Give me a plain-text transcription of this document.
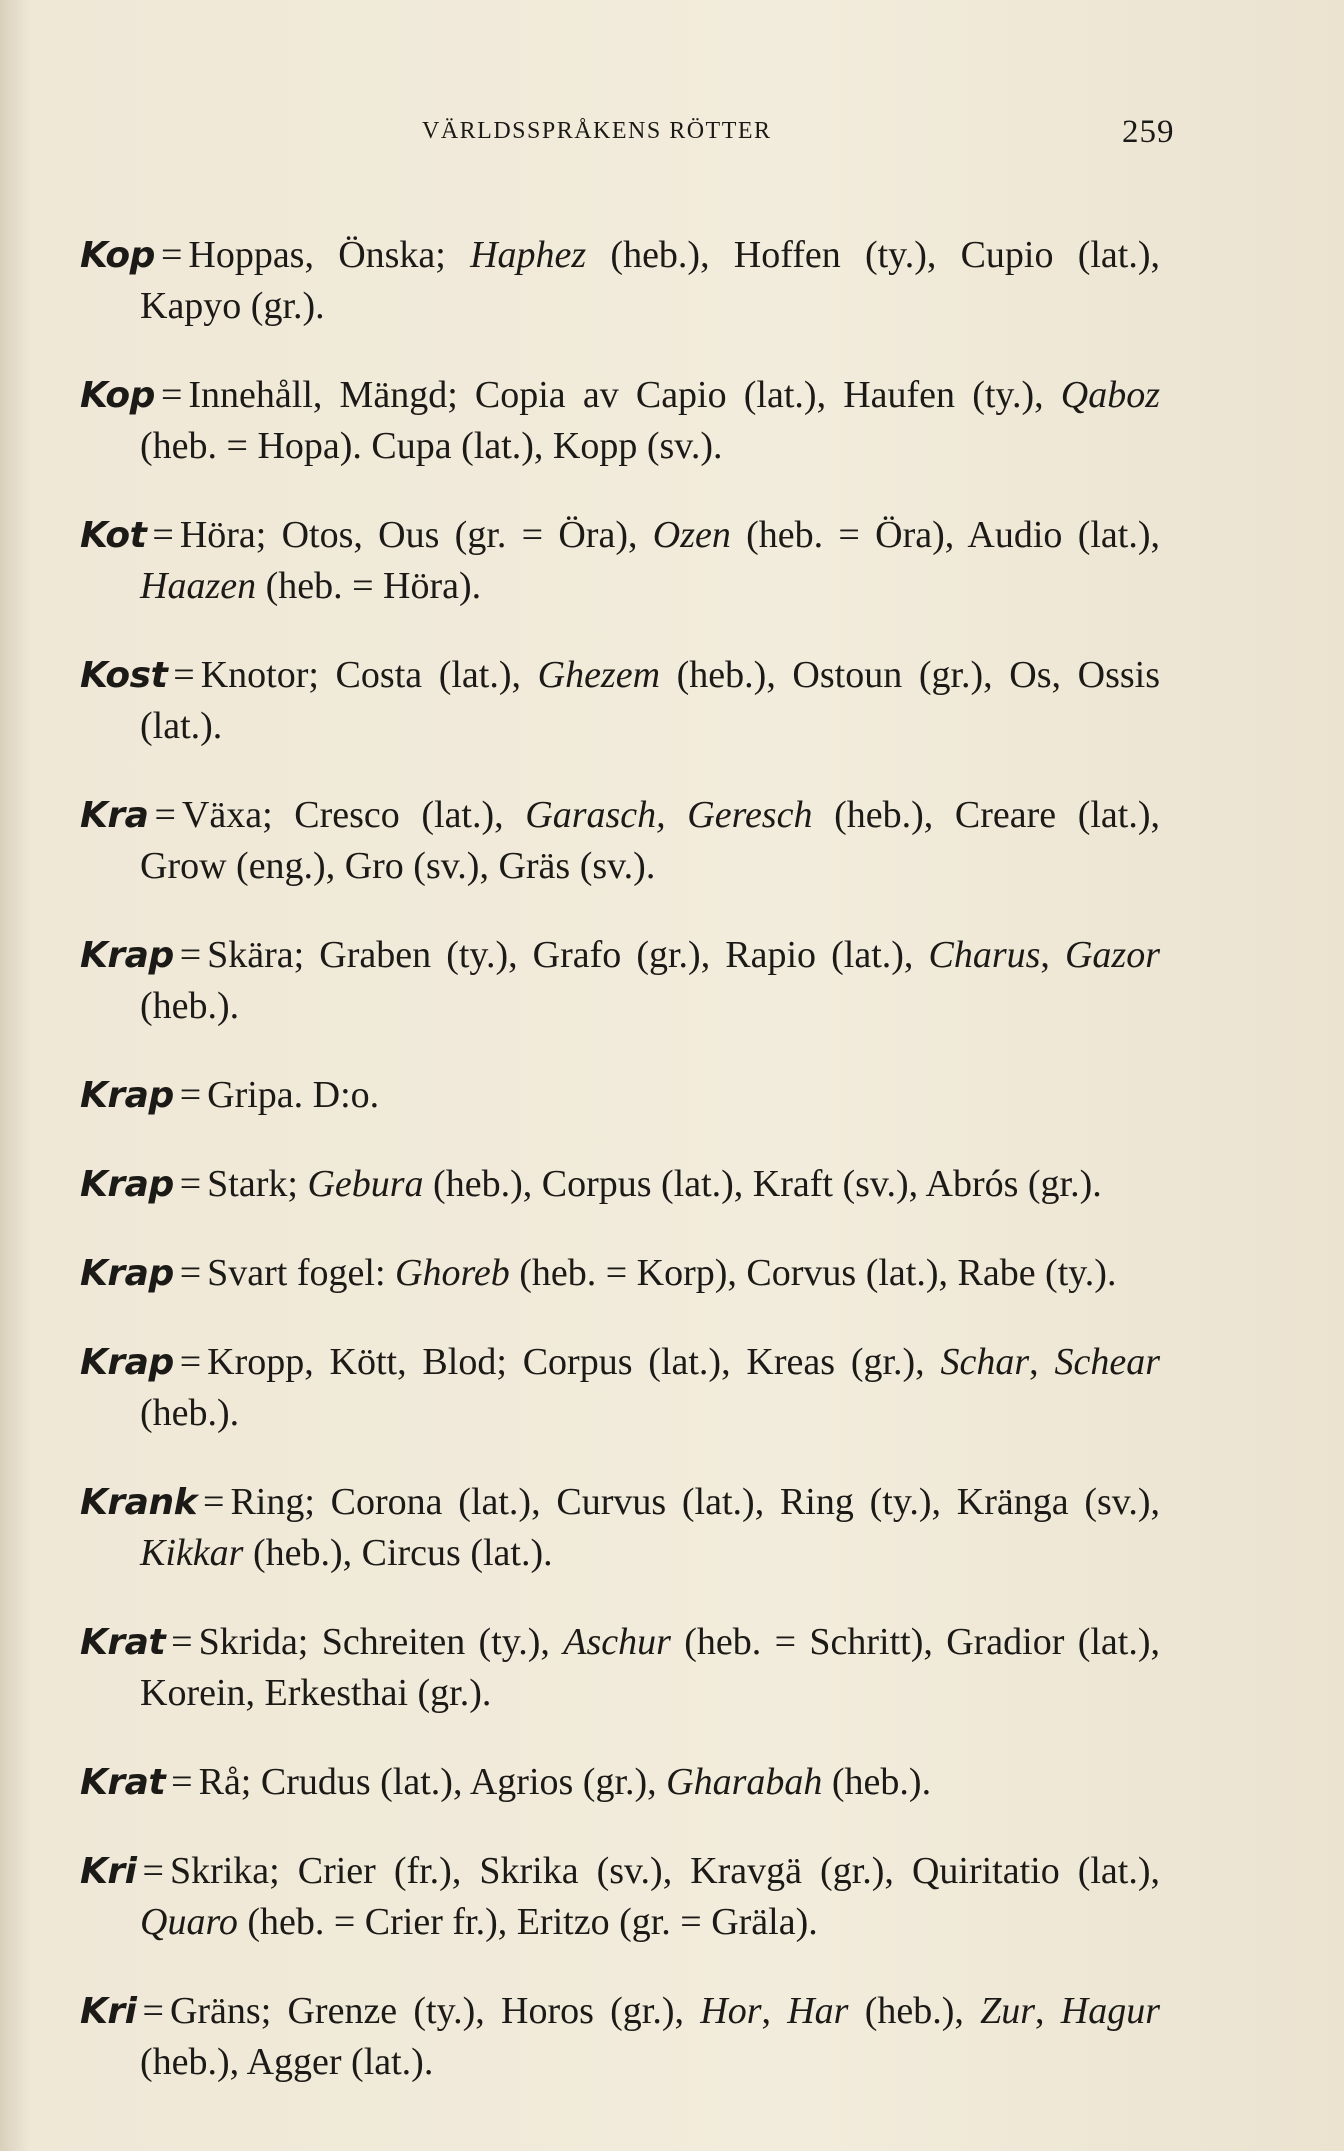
VÄRLDSSPRÅKENS RÖTTER	259

Kop = Hoppas, Önska; Haphez (heb.), Hoffen (ty.), Cupio (lat.), Kapyo (gr.).

Kop = Innehåll, Mängd; Copia av Capio (lat.), Haufen (ty.), Qaboz (heb. = Hopa). Cupa (lat.), Kopp (sv.).

Kot = Höra; Otos, Ous (gr. = Öra), Ozen (heb. = Öra), Audio (lat.), Haazen (heb. = Höra).

Kost = Knotor; Costa (lat.), Ghezem (heb.), Ostoun (gr.), Os, Ossis (lat.).

Kra = Växa; Cresco (lat.), Garasch, Geresch (heb.), Creare (lat.), Grow (eng.), Gro (sv.), Gräs (sv.).

Krap = Skära; Graben (ty.), Grafo (gr.), Rapio (lat.), Charus, Gazor (heb.).

Krap = Gripa. D:o.

Krap = Stark; Gebura (heb.), Corpus (lat.), Kraft (sv.), Abrós (gr.).

Krap = Svart fogel: Ghoreb (heb. = Korp), Corvus (lat.), Rabe (ty.).

Krap = Kropp, Kött, Blod; Corpus (lat.), Kreas (gr.), Schar, Schear (heb.).

Krank = Ring; Corona (lat.), Curvus (lat.), Ring (ty.), Kränga (sv.), Kikkar (heb.), Circus (lat.).

Krat = Skrida; Schreiten (ty.), Aschur (heb. = Schritt), Gradior (lat.), Korein, Erkesthai (gr.).

Krat = Rå; Crudus (lat.), Agrios (gr.), Gharabah (heb.).

Kri = Skrika; Crier (fr.), Skrika (sv.), Kravgä (gr.), Quiritatio (lat.), Quaro (heb. = Crier fr.), Eritzo (gr. = Gräla).

Kri = Gräns; Grenze (ty.), Horos (gr.), Hor, Har (heb.), Zur, Hagur (heb.), Agger (lat.).
